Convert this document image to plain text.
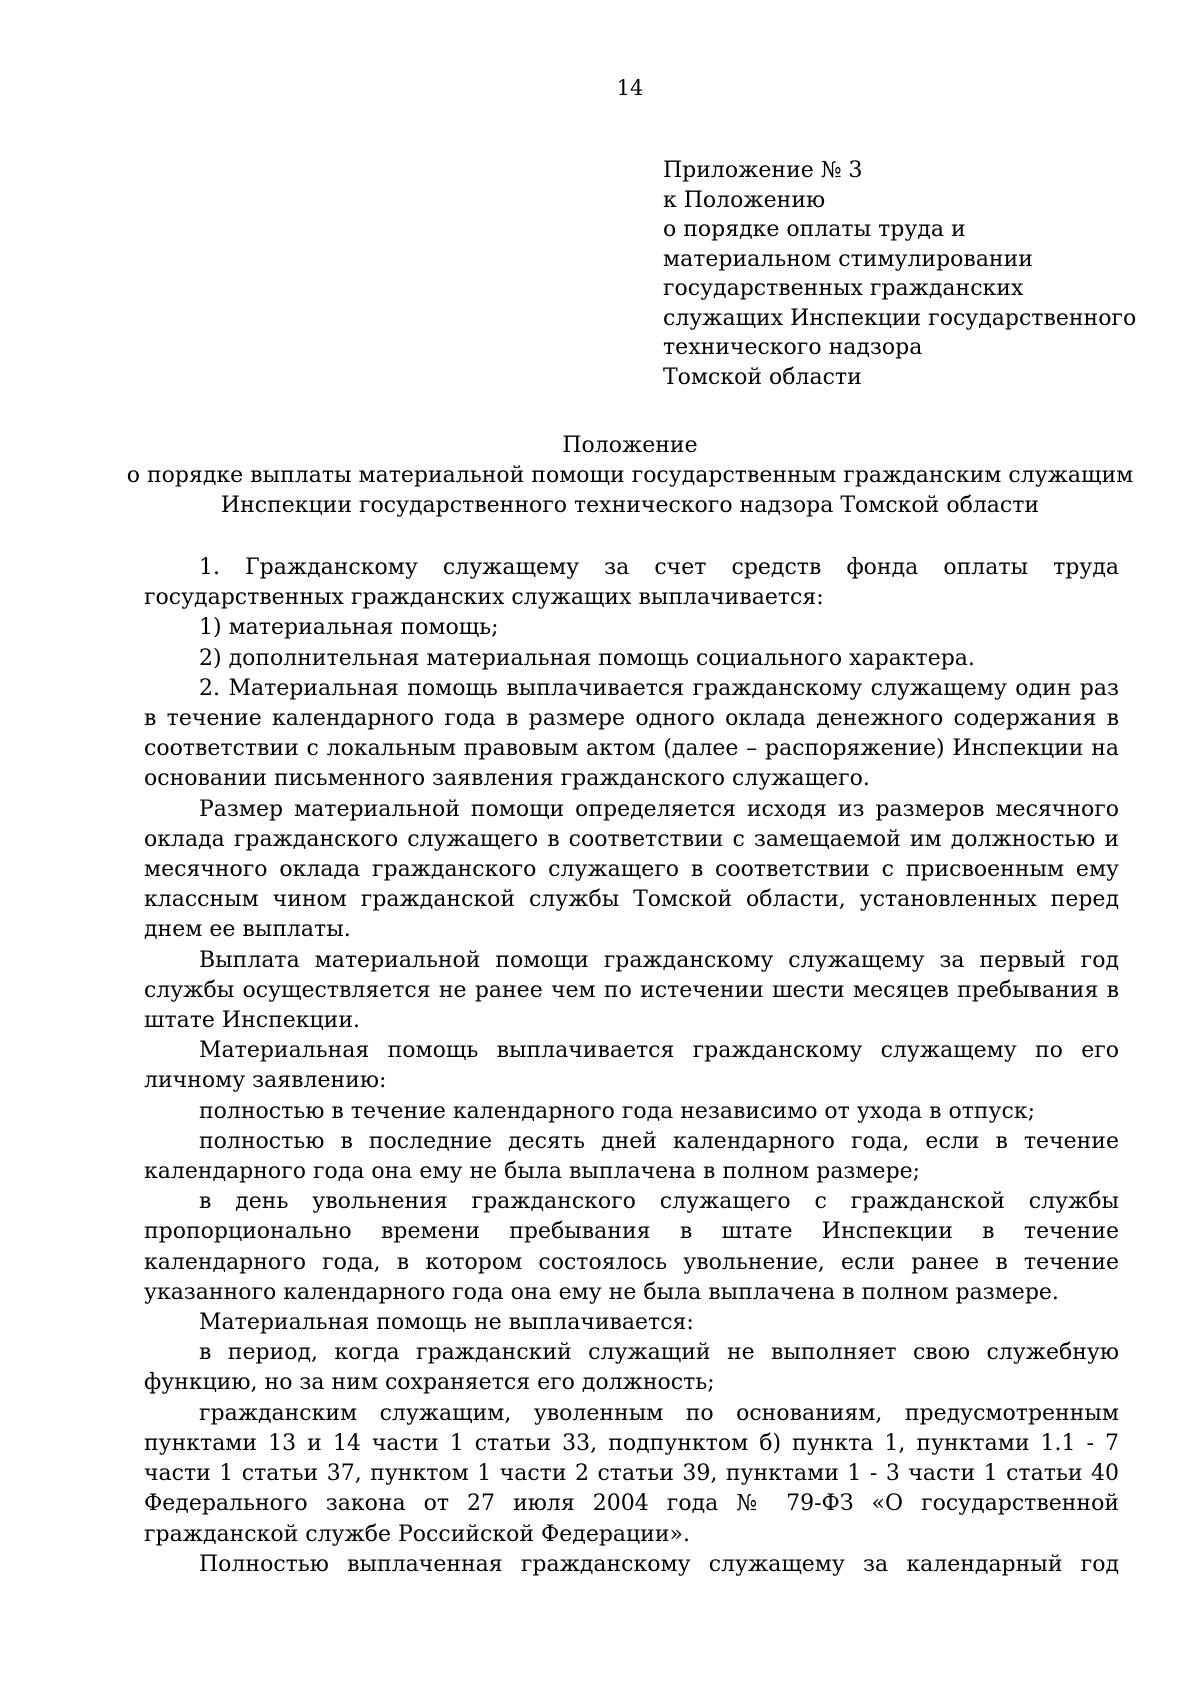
14
Приложение № 3
к Положению
о порядке оплаты труда и
материальном стимулировании
государственных гражданских
служащих Инспекции государственного
технического надзора
Томской области
Положение
о порядке выплаты материальной помощи государственным гражданским служащим
Инспекции государственного технического надзора Томской области

1. Гражданскому служащему за счет средств фонда оплаты труда государственных гражданских служащих выплачивается:

1) материальная помощь;

2) дополнительная материальная помощь социального характера.

2. Материальная помощь выплачивается гражданскому служащему один раз в течение календарного года в размере одного оклада денежного содержания в соответствии с локальным правовым актом (далее – распоряжение) Инспекции на основании письменного заявления гражданского служащего.

Размер материальной помощи определяется исходя из размеров месячного оклада гражданского служащего в соответствии с замещаемой им должностью и месячного оклада гражданского служащего в соответствии с присвоенным ему классным чином гражданской службы Томской области, установленных перед днем ее выплаты.

Выплата материальной помощи гражданскому служащему за первый год службы осуществляется не ранее чем по истечении шести месяцев пребывания в штате Инспекции.

Материальная помощь выплачивается гражданскому служащему по его личному заявлению:

полностью в течение календарного года независимо от ухода в отпуск;

полностью в последние десять дней календарного года, если в течение календарного года она ему не была выплачена в полном размере;

в день увольнения гражданского служащего с гражданской службы пропорционально времени пребывания в штате Инспекции в течение календарного года, в котором состоялось увольнение, если ранее в течение указанного календарного года она ему не была выплачена в полном размере.

Материальная помощь не выплачивается:

в период, когда гражданский служащий не выполняет свою служебную функцию, но за ним сохраняется его должность;

гражданским служащим, уволенным по основаниям, предусмотренным пунктами 13 и 14 части 1 статьи 33, подпунктом б) пункта 1, пунктами 1.1 - 7 части 1 статьи 37, пунктом 1 части 2 статьи 39, пунктами 1 - 3 части 1 статьи 40 Федерального закона от 27 июля 2004 года № 79-ФЗ «О государственной гражданской службе Российской Федерации».

Полностью выплаченная гражданскому служащему за календарный год
